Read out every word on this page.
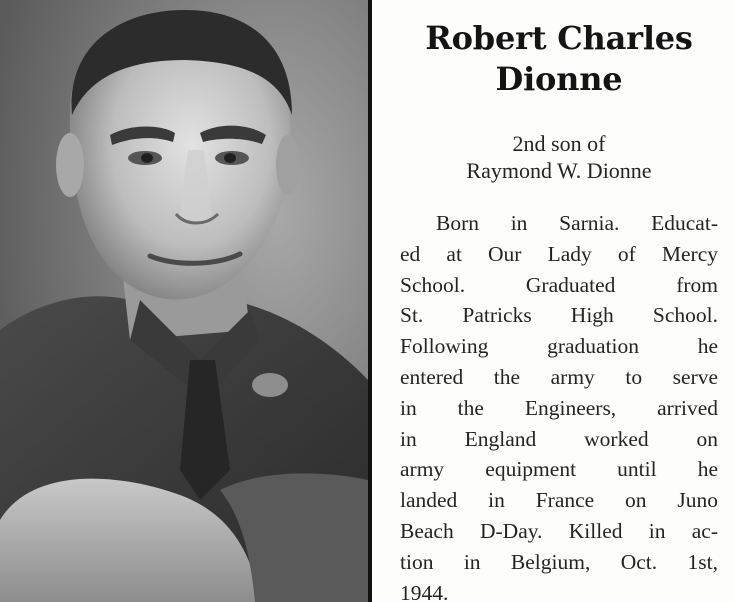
Robert Charles
Dionne
2nd son of
Raymond W. Dionne
Born in Sarnia. Educat-
ed at Our Lady of Mercy
School. Graduated from
St. Patricks High School.
Following graduation he
entered the army to serve
in the Engineers, arrived
in England worked on
army equipment until he
landed in France on Juno
Beach D-Day. Killed in ac-
tion in Belgium, Oct. 1st,
1944.
